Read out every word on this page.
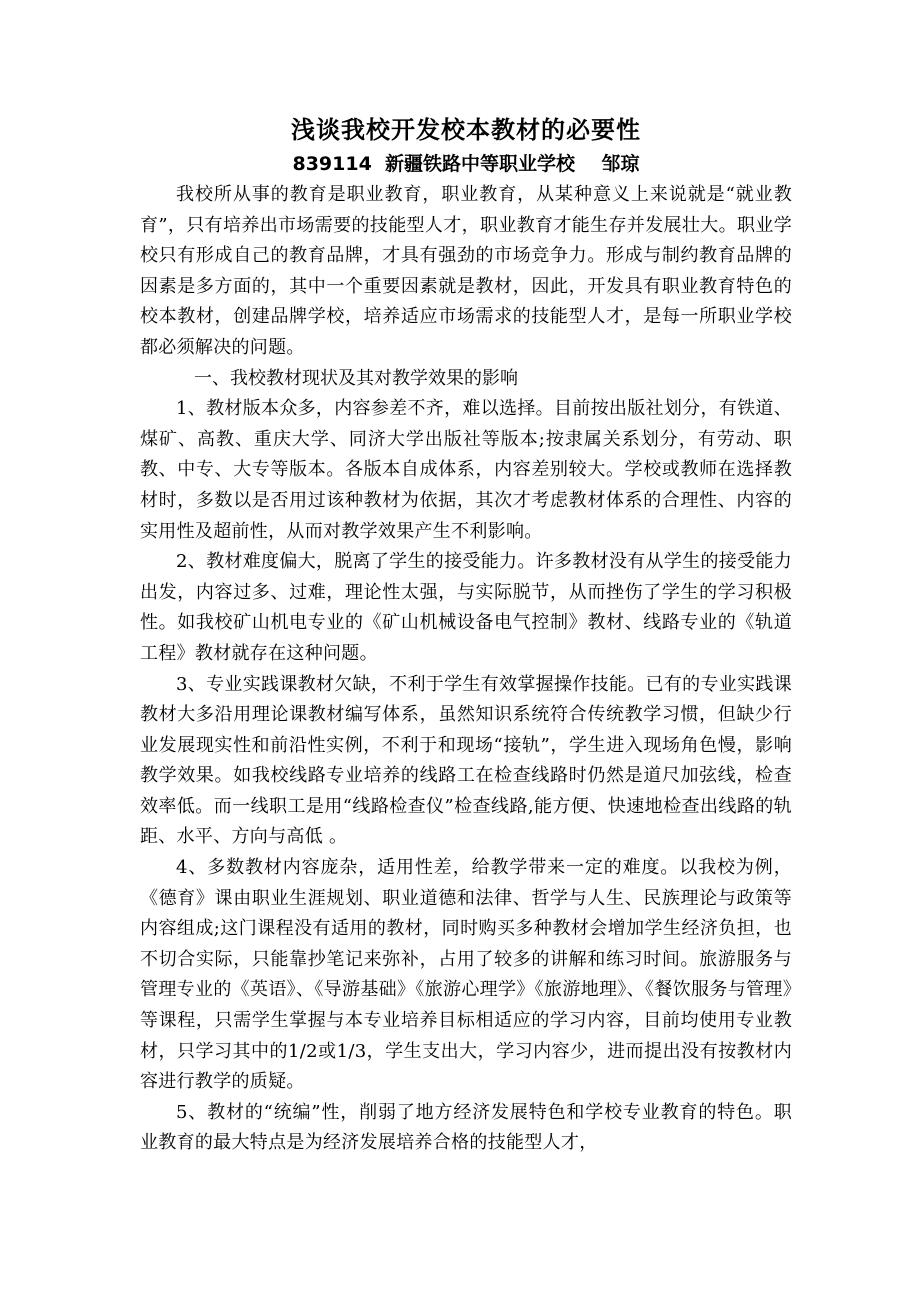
浅谈我校开发校本教材的必要性

839114  新疆铁路中等职业学校    邹琼

我校所从事的教育是职业教育，职业教育，从某种意义上来说就是“就业教育”，只有培养出市场需要的技能型人才，职业教育才能生存并发展壮大。职业学校只有形成自己的教育品牌，才具有强劲的市场竞争力。形成与制约教育品牌的因素是多方面的，其中一个重要因素就是教材，因此，开发具有职业教育特色的校本教材，创建品牌学校，培养适应市场需求的技能型人才，是每一所职业学校都必须解决的问题。

一、我校教材现状及其对教学效果的影响

1、教材版本众多，内容参差不齐，难以选择。目前按出版社划分，有铁道、煤矿、高教、重庆大学、同济大学出版社等版本;按隶属关系划分，有劳动、职教、中专、大专等版本。各版本自成体系，内容差别较大。学校或教师在选择教材时，多数以是否用过该种教材为依据，其次才考虑教材体系的合理性、内容的实用性及超前性，从而对教学效果产生不利影响。

2、教材难度偏大，脱离了学生的接受能力。许多教材没有从学生的接受能力出发，内容过多、过难，理论性太强，与实际脱节，从而挫伤了学生的学习积极性。如我校矿山机电专业的《矿山机械设备电气控制》教材、线路专业的《轨道工程》教材就存在这种问题。

3、专业实践课教材欠缺，不利于学生有效掌握操作技能。已有的专业实践课教材大多沿用理论课教材编写体系，虽然知识系统符合传统教学习惯，但缺少行业发展现实性和前沿性实例，不利于和现场“接轨”，学生进入现场角色慢，影响教学效果。如我校线路专业培养的线路工在检查线路时仍然是道尺加弦线，检查效率低。而一线职工是用“线路检查仪”检查线路,能方便、快速地检查出线路的轨距、水平、方向与高低 。

4、多数教材内容庞杂，适用性差，给教学带来一定的难度。以我校为例，《德育》课由职业生涯规划、职业道德和法律、哲学与人生、民族理论与政策等内容组成;这门课程没有适用的教材，同时购买多种教材会增加学生经济负担，也不切合实际，只能靠抄笔记来弥补，占用了较多的讲解和练习时间。旅游服务与管理专业的《英语》、《导游基础》《旅游心理学》《旅游地理》、《餐饮服务与管理》等课程，只需学生掌握与本专业培养目标相适应的学习内容，目前均使用专业教材，只学习其中的1/2或1/3，学生支出大，学习内容少，进而提出没有按教材内容进行教学的质疑。

5、教材的“统编”性，削弱了地方经济发展特色和学校专业教育的特色。职业教育的最大特点是为经济发展培养合格的技能型人才，
